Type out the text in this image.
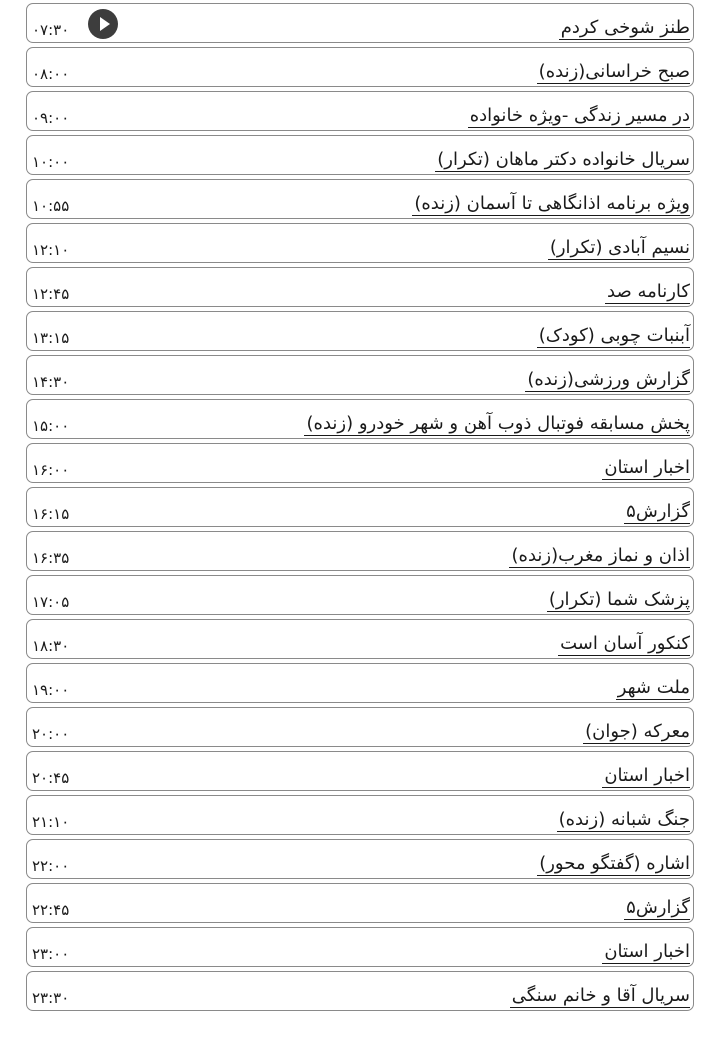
۰۷:۳۰	طنز شوخی کردم
۰۸:۰۰	صبح خراسانی(زنده)
۰۹:۰۰	در مسیر زندگی -ویژه خانواده
۱۰:۰۰	سریال خانواده دکتر ماهان (تکرار)
۱۰:۵۵	ویژه برنامه اذانگاهی تا آسمان (زنده)
۱۲:۱۰	نسیم آبادی (تکرار)
۱۲:۴۵	کارنامه صد
۱۳:۱۵	آبنبات چوبی (کودک)
۱۴:۳۰	گزارش ورزشی(زنده)
۱۵:۰۰	پخش مسابقه فوتبال ذوب آهن و شهر خودرو (زنده)
۱۶:۰۰	اخبار استان
۱۶:۱۵	گزارش۵
۱۶:۳۵	اذان و نماز مغرب(زنده)
۱۷:۰۵	پزشک شما (تکرار)
۱۸:۳۰	کنکور آسان است
۱۹:۰۰	ملت شهر
۲۰:۰۰	معرکه (جوان)
۲۰:۴۵	اخبار استان
۲۱:۱۰	جنگ شبانه (زنده)
۲۲:۰۰	اشاره (گفتگو محور)
۲۲:۴۵	گزارش۵
۲۳:۰۰	اخبار استان
۲۳:۳۰	سریال آقا و خانم سنگی
